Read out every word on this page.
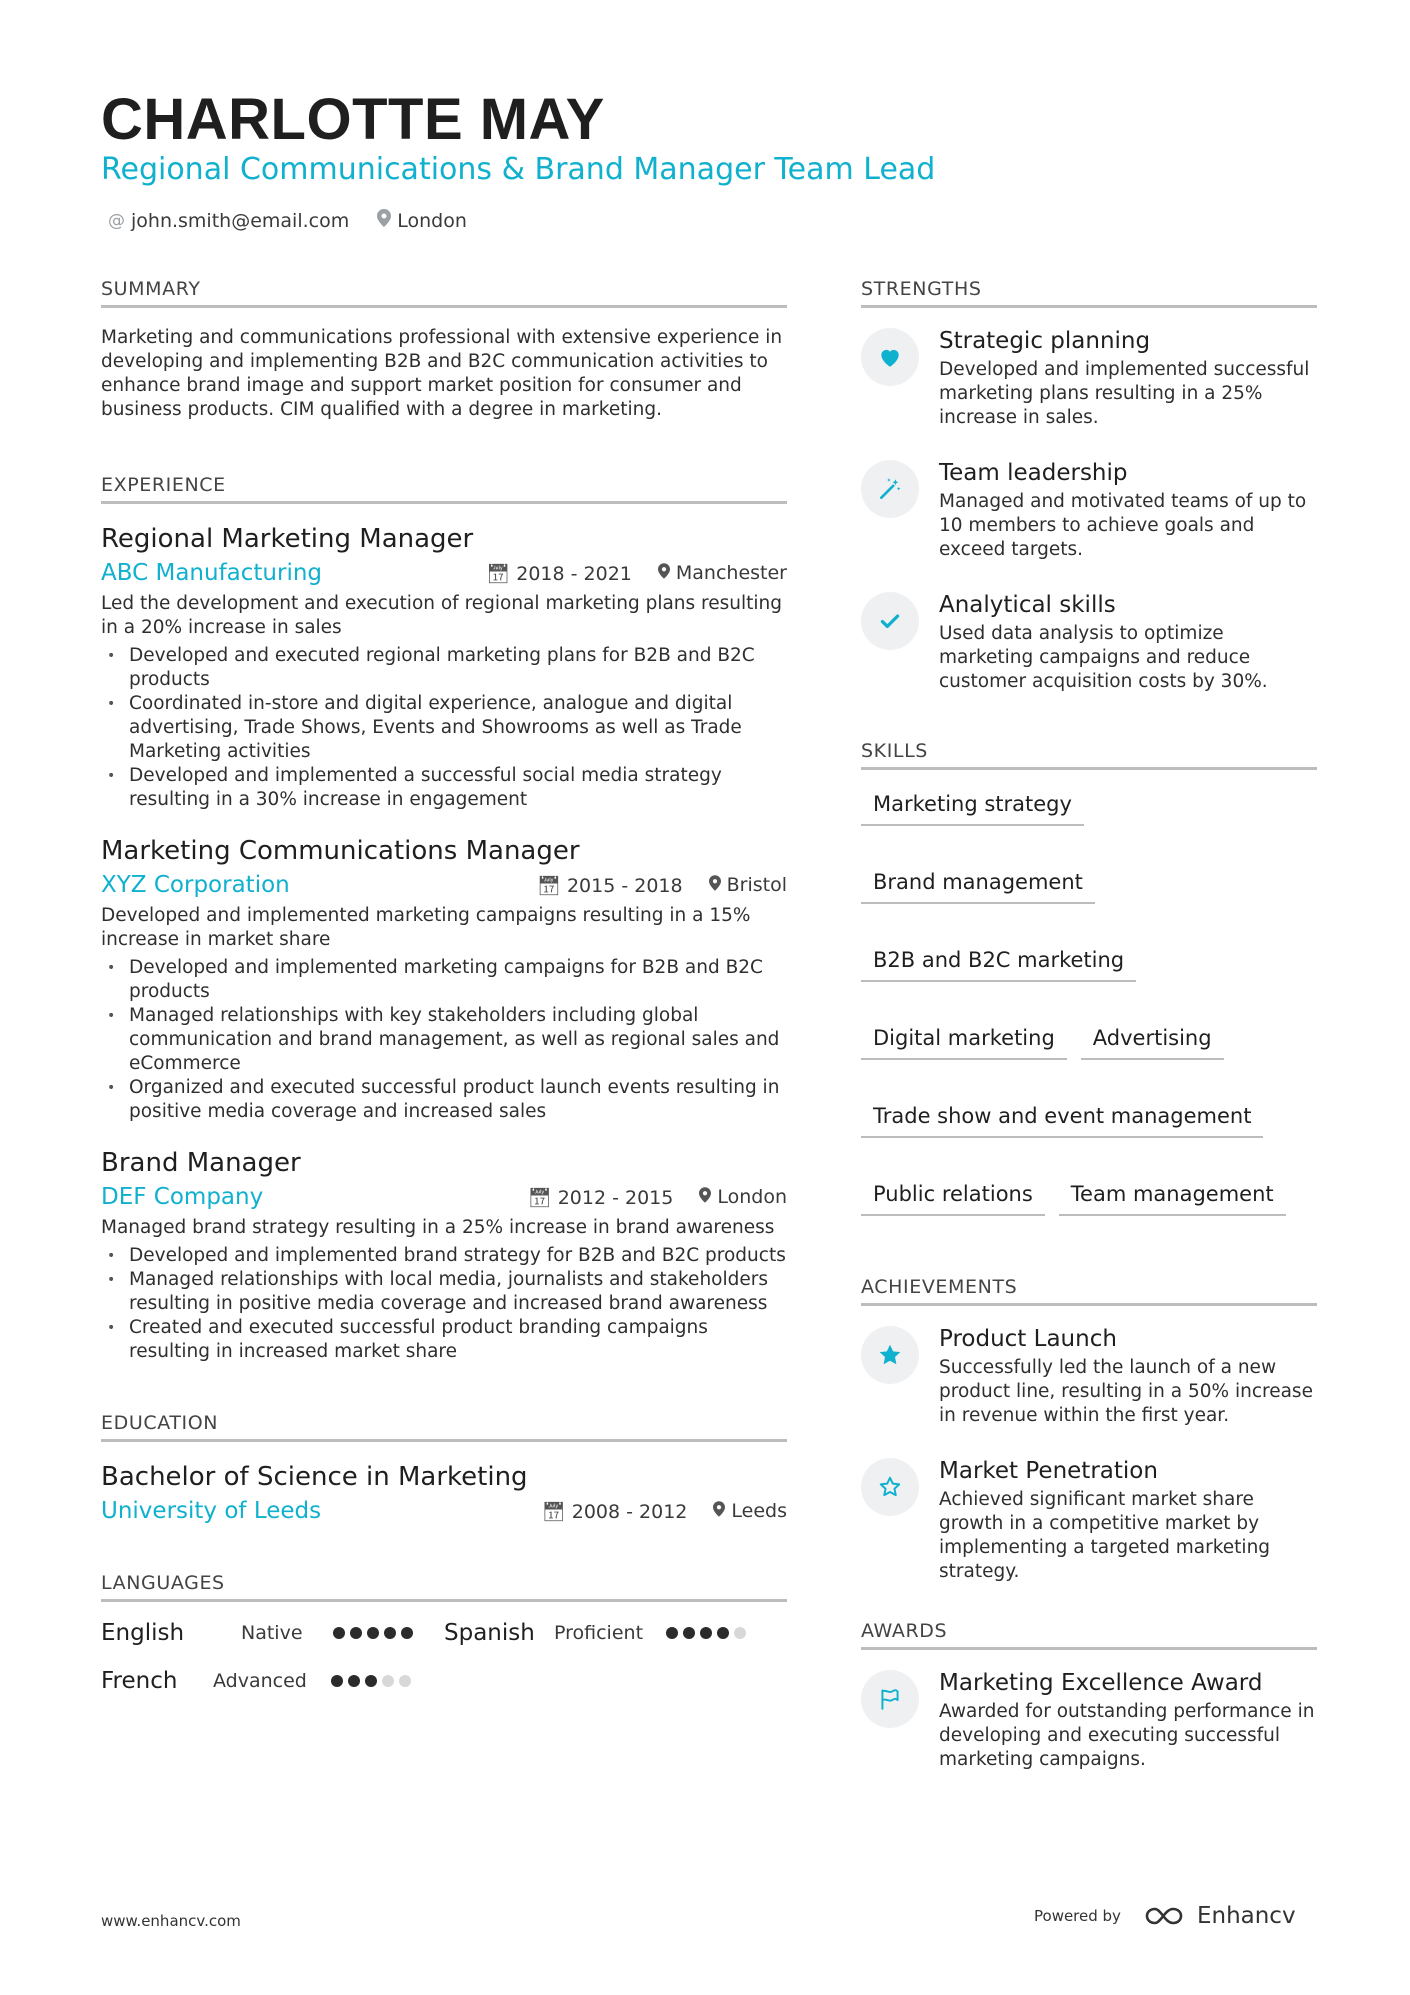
CHARLOTTE MAY
Regional Communications & Brand Manager Team Lead
@ john.smith@email.com	London
SUMMARY
Marketing and communications professional with extensive experience in developing and implementing B2B and B2C communication activities to enhance brand image and support market position for consumer and business products. CIM qualified with a degree in marketing.
EXPERIENCE
Regional Marketing Manager
ABC Manufacturing	📅︎ 2018 - 2021	Manchester
Led the development and execution of regional marketing plans resulting in a 20% increase in sales
• Developed and executed regional marketing plans for B2B and B2C products
• Coordinated in-store and digital experience, analogue and digital advertising, Trade Shows, Events and Showrooms as well as Trade Marketing activities
• Developed and implemented a successful social media strategy resulting in a 30% increase in engagement
Marketing Communications Manager
XYZ Corporation	📅︎ 2015 - 2018	Bristol
Developed and implemented marketing campaigns resulting in a 15% increase in market share
• Developed and implemented marketing campaigns for B2B and B2C products
• Managed relationships with key stakeholders including global communication and brand management, as well as regional sales and eCommerce
• Organized and executed successful product launch events resulting in positive media coverage and increased sales
Brand Manager
DEF Company	📅︎ 2012 - 2015	London
Managed brand strategy resulting in a 25% increase in brand awareness
• Developed and implemented brand strategy for B2B and B2C products
• Managed relationships with local media, journalists and stakeholders resulting in positive media coverage and increased brand awareness
• Created and executed successful product branding campaigns resulting in increased market share
EDUCATION
Bachelor of Science in Marketing
University of Leeds	📅︎ 2008 - 2012	Leeds
LANGUAGES
English	Native	Spanish	Proficient
French	Advanced
STRENGTHS
Strategic planning
Developed and implemented successful marketing plans resulting in a 25% increase in sales.
Team leadership
Managed and motivated teams of up to 10 members to achieve goals and exceed targets.
Analytical skills
Used data analysis to optimize marketing campaigns and reduce customer acquisition costs by 30%.
SKILLS
Marketing strategy
Brand management
B2B and B2C marketing
Digital marketing	Advertising
Trade show and event management
Public relations	Team management
ACHIEVEMENTS
Product Launch
Successfully led the launch of a new product line, resulting in a 50% increase in revenue within the first year.
Market Penetration
Achieved significant market share growth in a competitive market by implementing a targeted marketing strategy.
AWARDS
Marketing Excellence Award
Awarded for outstanding performance in developing and executing successful marketing campaigns.
www.enhancv.com	Powered by	Enhancv
